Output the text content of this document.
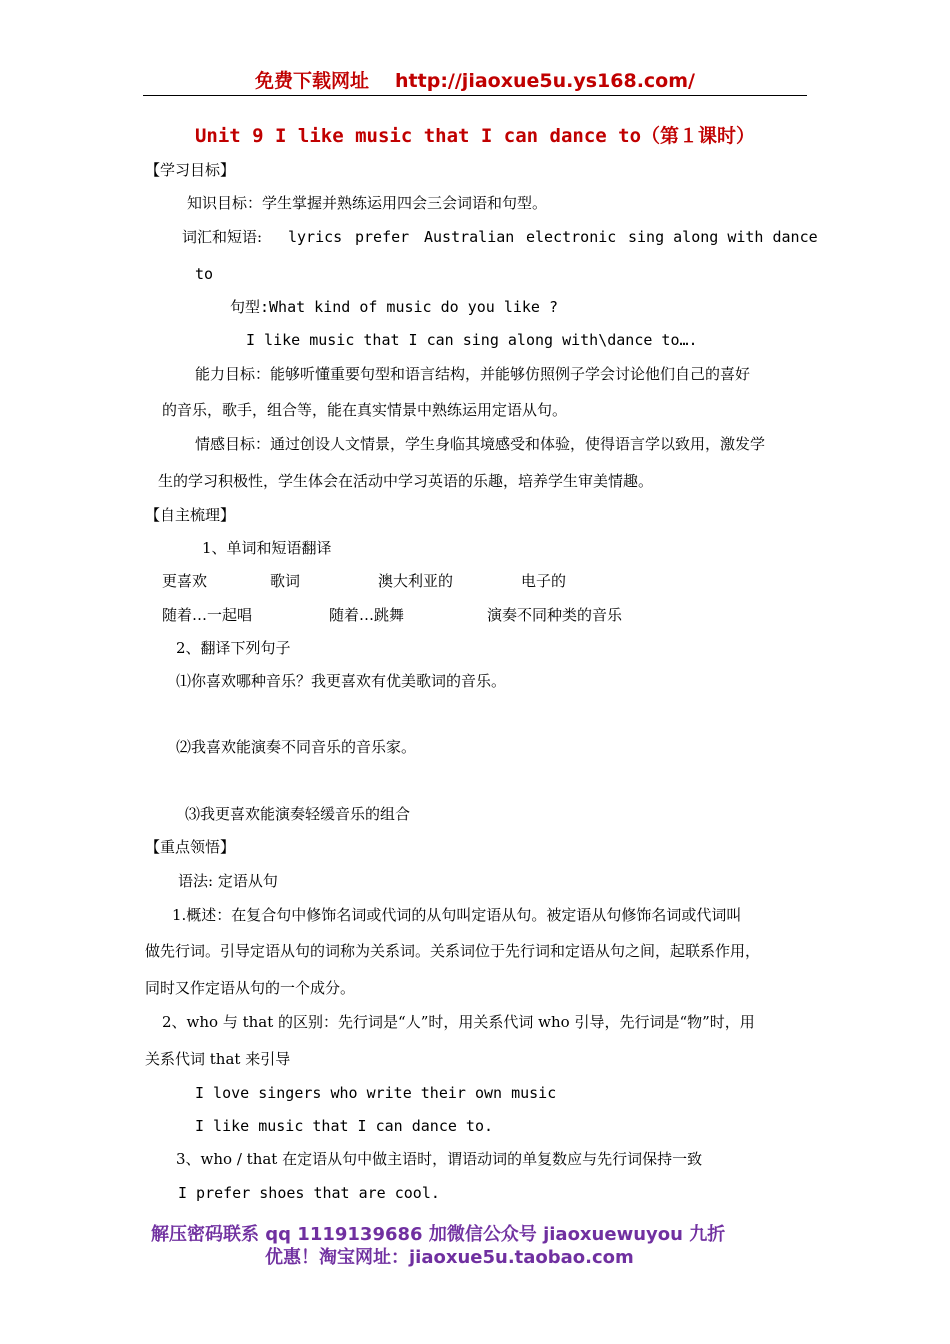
免费下载网址 http://jiaoxue5u.ys168.com/
Unit 9 I like music that I can dance to（第１课时）
【学习目标】
知识目标：学生掌握并熟练运用四会三会词语和句型。
词汇和短语: lyrics prefer Australian electronic sing along with dance
to
句型:What kind of music do you like ?
I like music that I can sing along with\dance to….
能力目标：能够听懂重要句型和语言结构，并能够仿照例子学会讨论他们自己的喜好
的音乐，歌手，组合等，能在真实情景中熟练运用定语从句。
情感目标：通过创设人文情景，学生身临其境感受和体验，使得语言学以致用，激发学
生的学习积极性，学生体会在活动中学习英语的乐趣，培养学生审美情趣。
【自主梳理】
1、单词和短语翻译
更喜欢	歌词	澳大利亚的	电子的
随着…一起唱	随着…跳舞	演奏不同种类的音乐
2、翻译下列句子
⑴你喜欢哪种音乐？我更喜欢有优美歌词的音乐。
⑵我喜欢能演奏不同音乐的音乐家。
⑶我更喜欢能演奏轻缓音乐的组合
【重点领悟】
语法: 定语从句
1.概述：在复合句中修饰名词或代词的从句叫定语从句。被定语从句修饰名词或代词叫
做先行词。引导定语从句的词称为关系词。关系词位于先行词和定语从句之间，起联系作用，
同时又作定语从句的一个成分。
2、who 与 that 的区别：先行词是“人”时，用关系代词 who 引导，先行词是“物”时，用
关系代词 that 来引导
I love singers who write their own music
I like music that I can dance to.
3、who / that 在定语从句中做主语时，谓语动词的单复数应与先行词保持一致
I prefer shoes that are cool.
解压密码联系 qq 1119139686 加微信公众号 jiaoxuewuyou 九折
优惠！淘宝网址：jiaoxue5u.taobao.com
